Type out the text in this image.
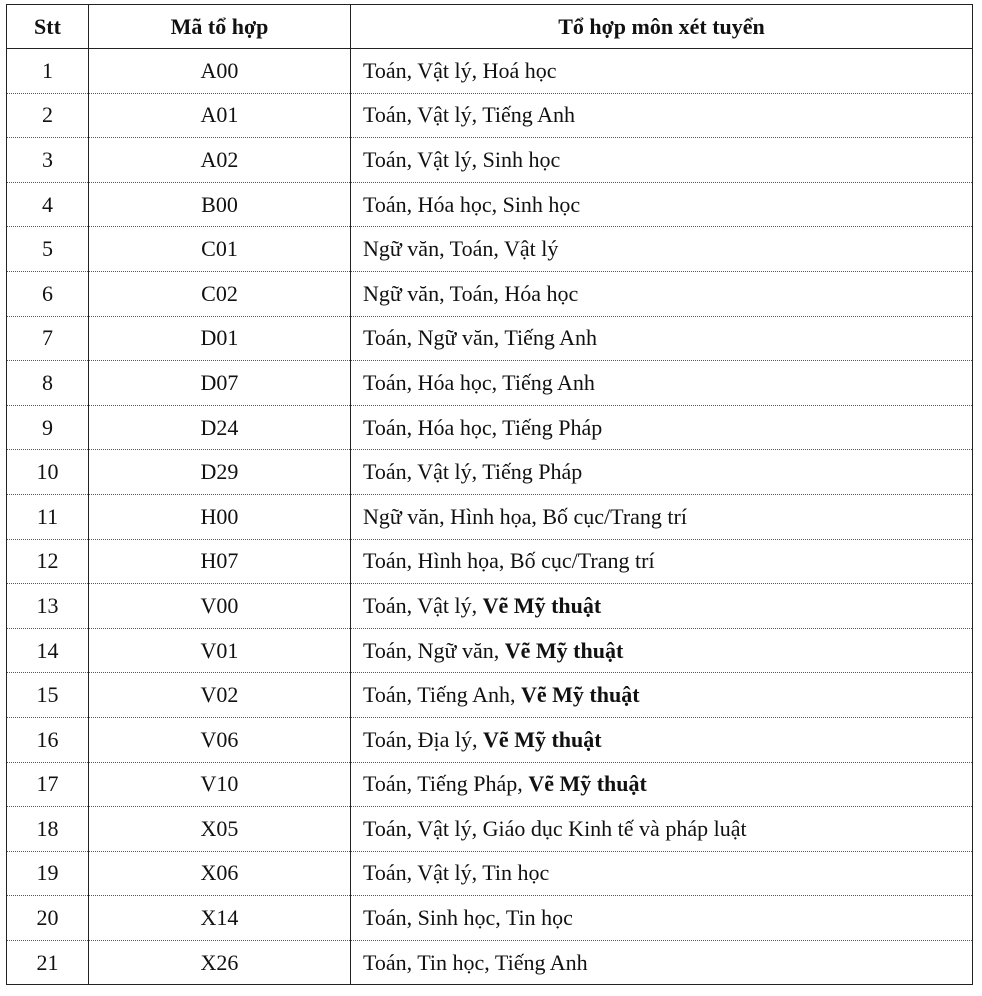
Stt	Mã tổ hợp	Tổ hợp môn xét tuyển
1	A00	Toán, Vật lý, Hoá học
2	A01	Toán, Vật lý, Tiếng Anh
3	A02	Toán, Vật lý, Sinh học
4	B00	Toán, Hóa học, Sinh học
5	C01	Ngữ văn, Toán, Vật lý
6	C02	Ngữ văn, Toán, Hóa học
7	D01	Toán, Ngữ văn, Tiếng Anh
8	D07	Toán, Hóa học, Tiếng Anh
9	D24	Toán, Hóa học, Tiếng Pháp
10	D29	Toán, Vật lý, Tiếng Pháp
11	H00	Ngữ văn, Hình họa, Bố cục/Trang trí
12	H07	Toán, Hình họa, Bố cục/Trang trí
13	V00	Toán, Vật lý, Vẽ Mỹ thuật
14	V01	Toán, Ngữ văn, Vẽ Mỹ thuật
15	V02	Toán, Tiếng Anh, Vẽ Mỹ thuật
16	V06	Toán, Địa lý, Vẽ Mỹ thuật
17	V10	Toán, Tiếng Pháp, Vẽ Mỹ thuật
18	X05	Toán, Vật lý, Giáo dục Kinh tế và pháp luật
19	X06	Toán, Vật lý, Tin học
20	X14	Toán, Sinh học, Tin học
21	X26	Toán, Tin học, Tiếng Anh
